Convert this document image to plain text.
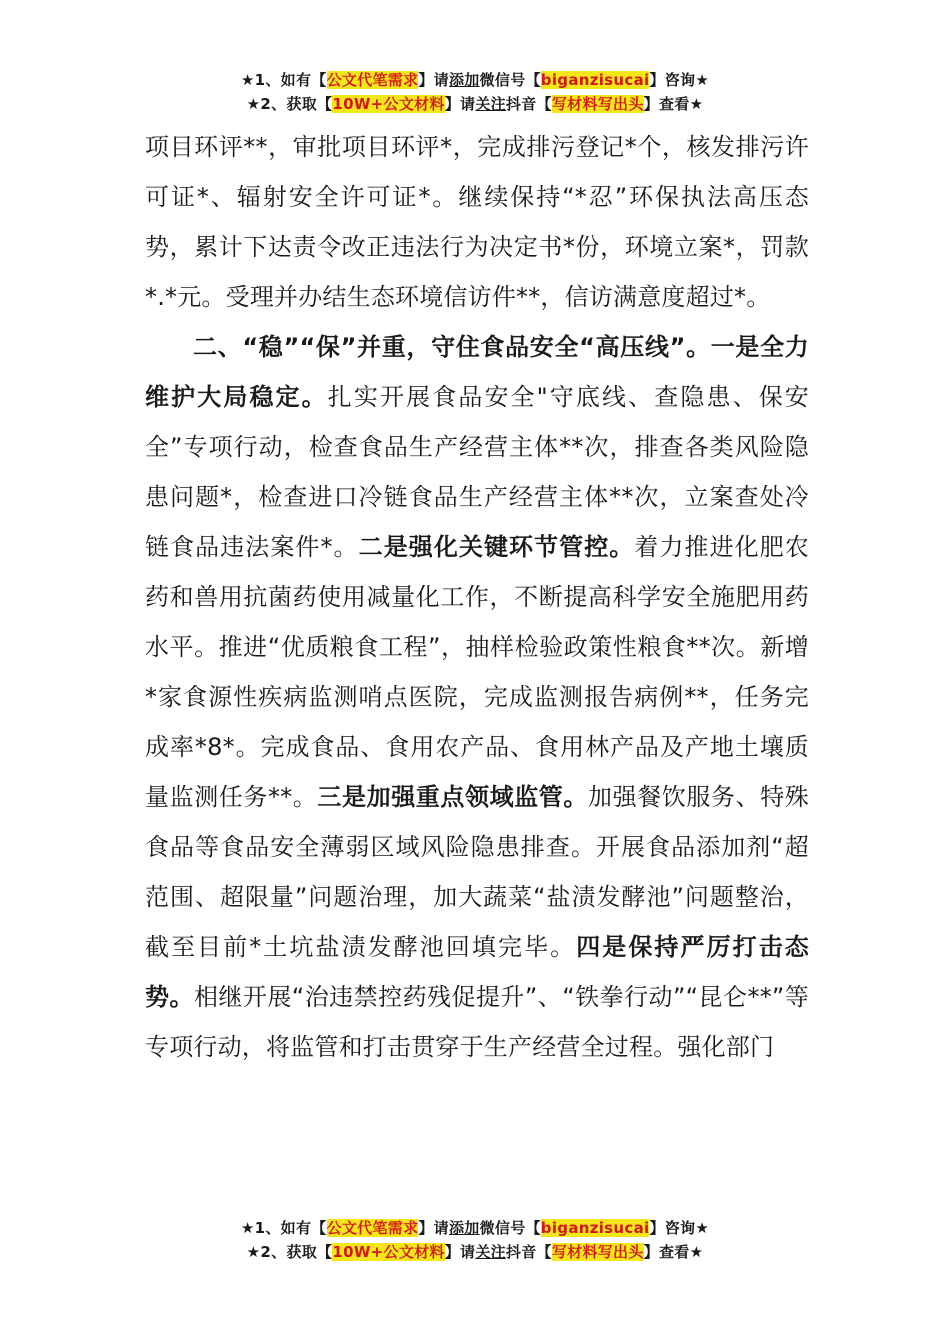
★1、如有【公文代笔需求】请添加微信号【biganzisucai】咨询★
★2、获取【10W+公文材料】请关注抖音【写材料写出头】查看★

项目环评**，审批项目环评*，完成排污登记*个，核发排污许可证*、辐射安全许可证*。继续保持“*忍”环保执法高压态势，累计下达责令改正违法行为决定书*份，环境立案*，罚款*.*元。受理并办结生态环境信访件**，信访满意度超过*。

二、“稳”“保”并重，守住食品安全“高压线”。一是全力维护大局稳定。扎实开展食品安全"守底线、查隐患、保安全”专项行动，检查食品生产经营主体**次，排查各类风险隐患问题*，检查进口冷链食品生产经营主体**次，立案查处冷链食品违法案件*。二是强化关键环节管控。着力推进化肥农药和兽用抗菌药使用减量化工作，不断提高科学安全施肥用药水平。推进“优质粮食工程”，抽样检验政策性粮食**次。新增*家食源性疾病监测哨点医院，完成监测报告病例**，任务完成率*8*。完成食品、食用农产品、食用林产品及产地土壤质量监测任务**。三是加强重点领域监管。加强餐饮服务、特殊食品等食品安全薄弱区域风险隐患排查。开展食品添加剂“超范围、超限量”问题治理，加大蔬菜“盐渍发酵池”问题整治，截至目前*土坑盐渍发酵池回填完毕。四是保持严厉打击态势。相继开展“治违禁控药残促提升”、“铁拳行动”“昆仑**”等专项行动，将监管和打击贯穿于生产经营全过程。强化部门

★1、如有【公文代笔需求】请添加微信号【biganzisucai】咨询★
★2、获取【10W+公文材料】请关注抖音【写材料写出头】查看★
